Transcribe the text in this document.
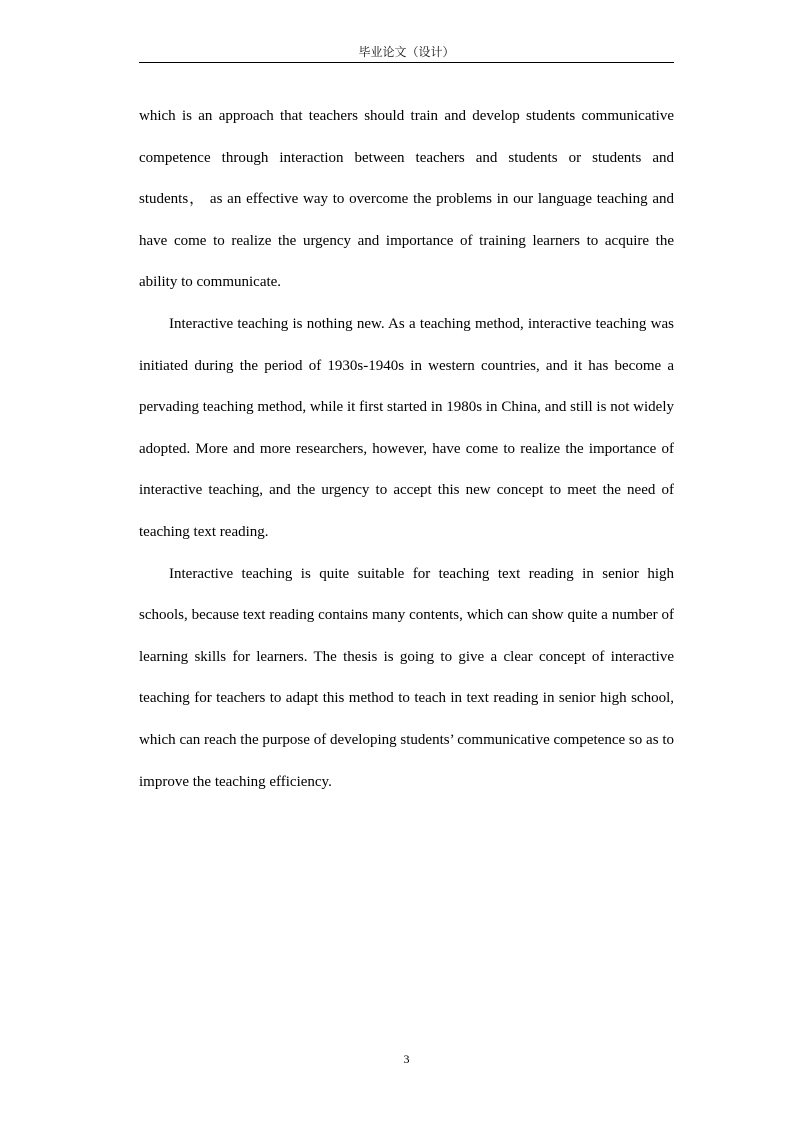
毕业论文（设计）

which is an approach that teachers should train and develop students communicative competence through interaction between teachers and students or students and students， as an effective way to overcome the problems in our language teaching and have come to realize the urgency and importance of training learners to acquire the ability to communicate.

Interactive teaching is nothing new. As a teaching method, interactive teaching was initiated during the period of 1930s-1940s in western countries, and it has become a pervading teaching method, while it first started in 1980s in China, and still is not widely adopted. More and more researchers, however, have come to realize the importance of interactive teaching, and the urgency to accept this new concept to meet the need of teaching text reading.

Interactive teaching is quite suitable for teaching text reading in senior high schools, because text reading contains many contents, which can show quite a number of learning skills for learners. The thesis is going to give a clear concept of interactive teaching for teachers to adapt this method to teach in text reading in senior high school, which can reach the purpose of developing students’ communicative competence so as to improve the teaching efficiency.

3
